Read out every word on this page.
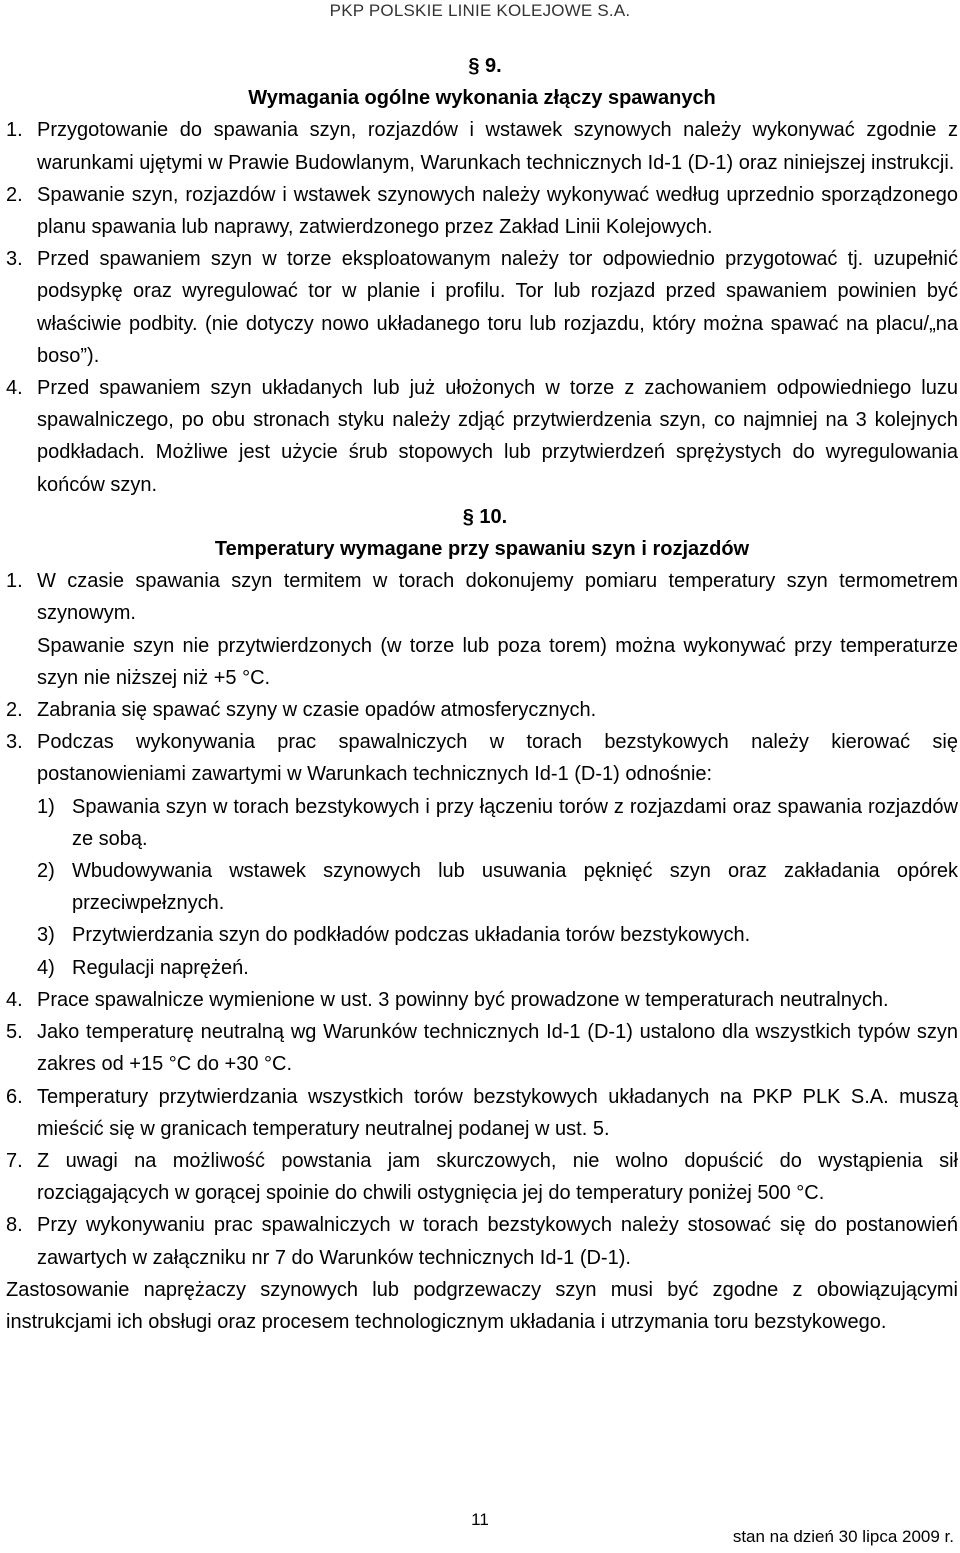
PKP POLSKIE LINIE KOLEJOWE S.A.

§ 9.

Wymagania ogólne wykonania złączy spawanych

1. Przygotowanie do spawania szyn, rozjazdów i wstawek szynowych należy wykonywać zgodnie z warunkami ujętymi w Prawie Budowlanym, Warunkach technicznych Id-1 (D-1) oraz niniejszej instrukcji.
2. Spawanie szyn, rozjazdów i wstawek szynowych należy wykonywać według uprzednio sporządzonego planu spawania lub naprawy, zatwierdzonego przez Zakład Linii Kolejowych.
3. Przed spawaniem szyn w torze eksploatowanym należy tor odpowiednio przygotować tj. uzupełnić podsypkę oraz wyregulować tor w planie i profilu. Tor lub rozjazd przed spawaniem powinien być właściwie podbity. (nie dotyczy nowo układanego toru lub rozjazdu, który można spawać na placu/„na boso”).
4. Przed spawaniem szyn układanych lub już ułożonych w torze z zachowaniem odpowiedniego luzu spawalniczego, po obu stronach styku należy zdjąć przytwierdzenia szyn, co najmniej na 3 kolejnych podkładach. Możliwe jest użycie śrub stopowych lub przytwierdzeń sprężystych do wyregulowania końców szyn.

§ 10.

Temperatury wymagane przy spawaniu szyn i rozjazdów

1. W czasie spawania szyn termitem w torach dokonujemy pomiaru temperatury szyn termometrem szynowym.

Spawanie szyn nie przytwierdzonych (w torze lub poza torem) można wykonywać przy temperaturze szyn nie niższej niż +5 °C.

2. Zabrania się spawać szyny w czasie opadów atmosferycznych.
3. Podczas wykonywania prac spawalniczych w torach bezstykowych należy kierować się postanowieniami zawartymi w Warunkach technicznych Id-1 (D-1) odnośnie:
1) Spawania szyn w torach bezstykowych i przy łączeniu torów z rozjazdami oraz spawania rozjazdów ze sobą.
2) Wbudowywania wstawek szynowych lub usuwania pęknięć szyn oraz zakładania opórek przeciwpełznych.
3) Przytwierdzania szyn do podkładów podczas układania torów bezstykowych.
4) Regulacji naprężeń.
4. Prace spawalnicze wymienione w ust. 3 powinny być prowadzone w temperaturach neutralnych.
5. Jako temperaturę neutralną wg Warunków technicznych Id-1 (D-1) ustalono dla wszystkich typów szyn zakres od +15 °C do +30 °C.
6. Temperatury przytwierdzania wszystkich torów bezstykowych układanych na PKP PLK S.A. muszą mieścić się w granicach temperatury neutralnej podanej w ust. 5.
7. Z uwagi na możliwość powstania jam skurczowych, nie wolno dopuścić do wystąpienia sił rozciągających w gorącej spoinie do chwili ostygnięcia jej do temperatury poniżej 500 °C.
8. Przy wykonywaniu prac spawalniczych w torach bezstykowych należy stosować się do postanowień zawartych w załączniku nr 7 do Warunków technicznych Id-1 (D-1).

Zastosowanie naprężaczy szynowych lub podgrzewaczy szyn musi być zgodne z obowiązującymi instrukcjami ich obsługi oraz procesem technologicznym układania i utrzymania toru bezstykowego.

11
stan na dzień 30 lipca 2009 r.
